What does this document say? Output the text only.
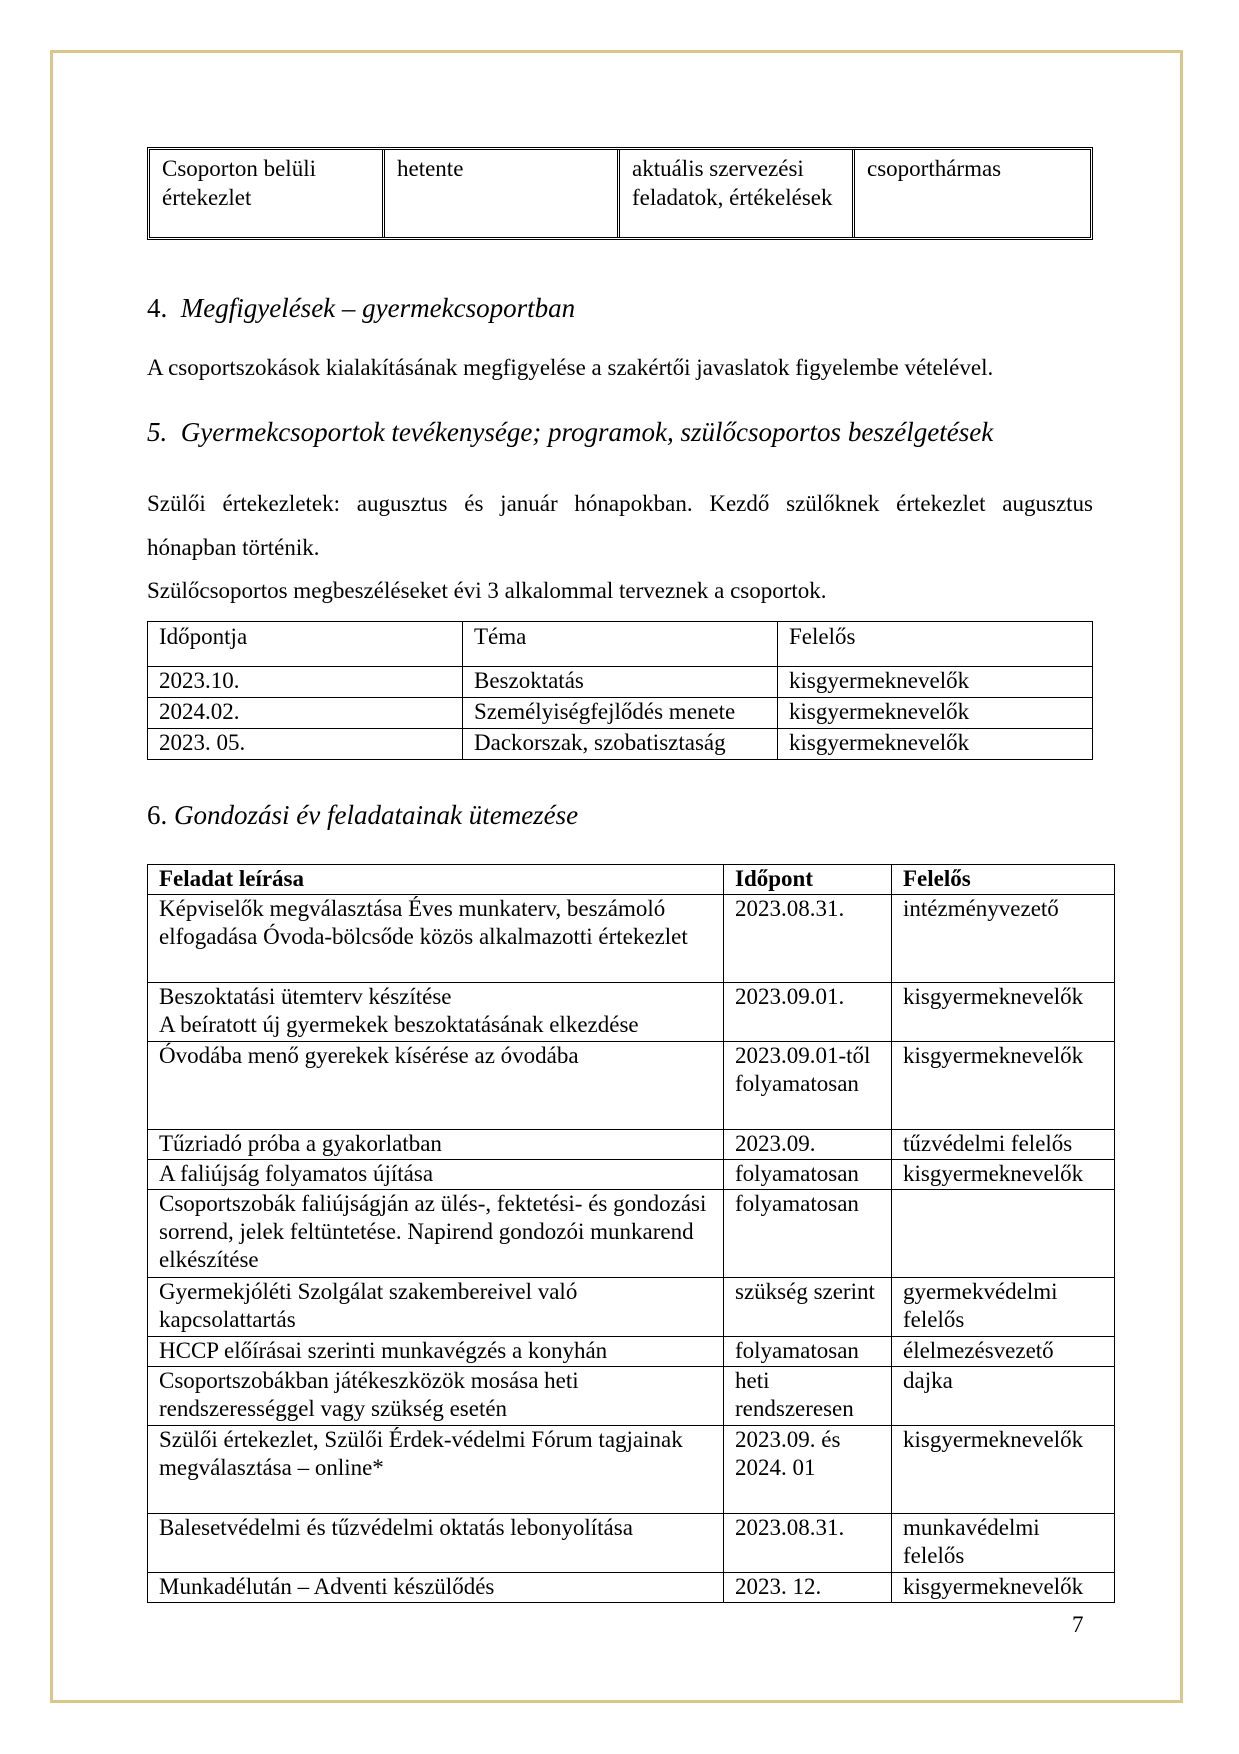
Csoporton belüli értekezlet	hetente	aktuális szervezési feladatok, értékelések	csoporthármas
4. Megfigyelések – gyermekcsoportban
A csoportszokások kialakításának megfigyelése a szakértői javaslatok figyelembe vételével.
5. Gyermekcsoportok tevékenysége; programok, szülőcsoportos beszélgetések
Szülői értekezletek: augusztus és január hónapokban. Kezdő szülőknek értekezlet augusztus
hónapban történik.
Szülőcsoportos megbeszéléseket évi 3 alkalommal terveznek a csoportok.
Időpontja	Téma	Felelős
2023.10.	Beszoktatás	kisgyermeknevelők
2024.02.	Személyiségfejlődés menete	kisgyermeknevelők
2023. 05.	Dackorszak, szobatisztaság	kisgyermeknevelők
6. Gondozási év feladatainak ütemezése
Feladat leírása	Időpont	Felelős
Képviselők megválasztása Éves munkaterv, beszámoló elfogadása Óvoda-bölcsőde közös alkalmazotti értekezlet	2023.08.31.	intézményvezető
Beszoktatási ütemterv készítése
A beíratott új gyermekek beszoktatásának elkezdése	2023.09.01.	kisgyermeknevelők
Óvodába menő gyerekek kísérése az óvodába	2023.09.01-től folyamatosan	kisgyermeknevelők
Tűzriadó próba a gyakorlatban	2023.09.	tűzvédelmi felelős
A faliújság folyamatos újítása	folyamatosan	kisgyermeknevelők
Csoportszobák faliújságján az ülés-, fektetési- és gondozási sorrend, jelek feltüntetése. Napirend gondozói munkarend elkészítése	folyamatosan	
Gyermekjóléti Szolgálat szakembereivel való kapcsolattartás	szükség szerint	gyermekvédelmi felelős
HCCP előírásai szerinti munkavégzés a konyhán	folyamatosan	élelmezésvezető
Csoportszobákban játékeszközök mosása heti rendszerességgel vagy szükség esetén	heti rendszeresen	dajka
Szülői értekezlet, Szülői Érdek-védelmi Fórum tagjainak megválasztása – online*	2023.09. és 2024. 01	kisgyermeknevelők
Balesetvédelmi és tűzvédelmi oktatás lebonyolítása	2023.08.31.	munkavédelmi felelős
Munkadélután – Adventi készülődés	2023. 12.	kisgyermeknevelők
7
